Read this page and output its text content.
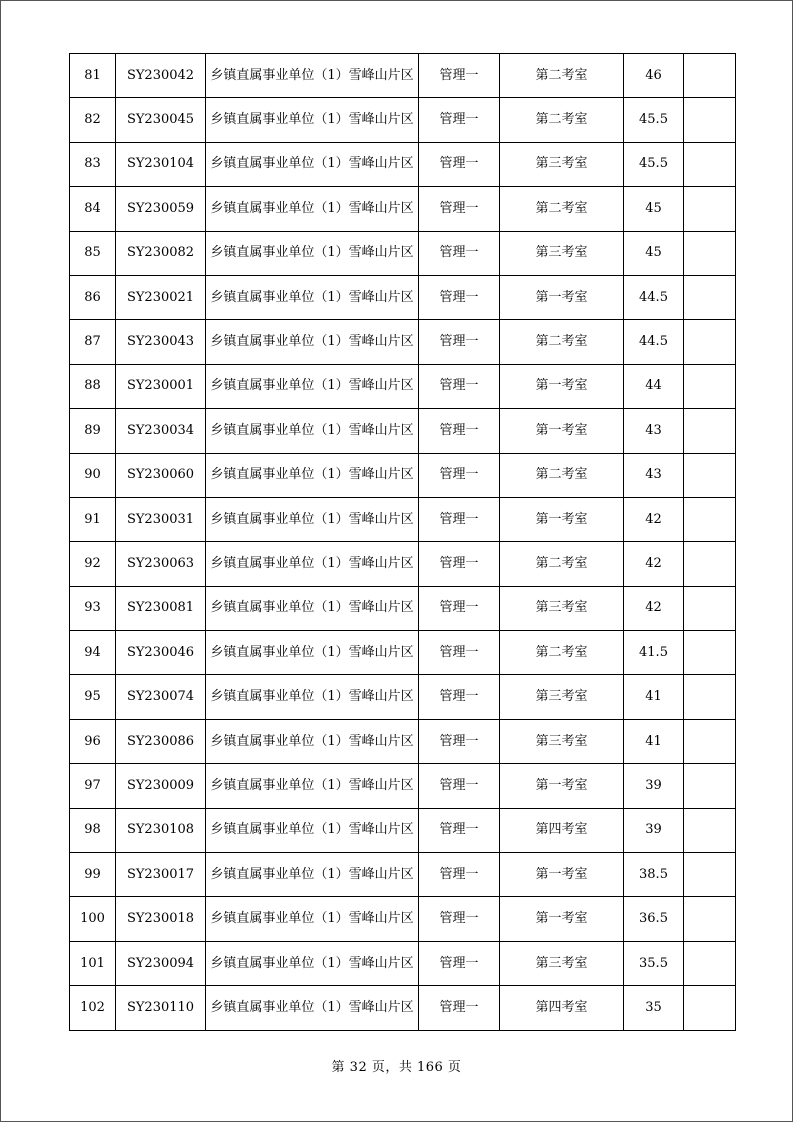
81	SY230042	乡镇直属事业单位（1）雪峰山片区	管理一	第二考室	46	
82	SY230045	乡镇直属事业单位（1）雪峰山片区	管理一	第二考室	45.5	
83	SY230104	乡镇直属事业单位（1）雪峰山片区	管理一	第三考室	45.5	
84	SY230059	乡镇直属事业单位（1）雪峰山片区	管理一	第二考室	45	
85	SY230082	乡镇直属事业单位（1）雪峰山片区	管理一	第三考室	45	
86	SY230021	乡镇直属事业单位（1）雪峰山片区	管理一	第一考室	44.5	
87	SY230043	乡镇直属事业单位（1）雪峰山片区	管理一	第二考室	44.5	
88	SY230001	乡镇直属事业单位（1）雪峰山片区	管理一	第一考室	44	
89	SY230034	乡镇直属事业单位（1）雪峰山片区	管理一	第一考室	43	
90	SY230060	乡镇直属事业单位（1）雪峰山片区	管理一	第二考室	43	
91	SY230031	乡镇直属事业单位（1）雪峰山片区	管理一	第一考室	42	
92	SY230063	乡镇直属事业单位（1）雪峰山片区	管理一	第二考室	42	
93	SY230081	乡镇直属事业单位（1）雪峰山片区	管理一	第三考室	42	
94	SY230046	乡镇直属事业单位（1）雪峰山片区	管理一	第二考室	41.5	
95	SY230074	乡镇直属事业单位（1）雪峰山片区	管理一	第三考室	41	
96	SY230086	乡镇直属事业单位（1）雪峰山片区	管理一	第三考室	41	
97	SY230009	乡镇直属事业单位（1）雪峰山片区	管理一	第一考室	39	
98	SY230108	乡镇直属事业单位（1）雪峰山片区	管理一	第四考室	39	
99	SY230017	乡镇直属事业单位（1）雪峰山片区	管理一	第一考室	38.5	
100	SY230018	乡镇直属事业单位（1）雪峰山片区	管理一	第一考室	36.5	
101	SY230094	乡镇直属事业单位（1）雪峰山片区	管理一	第三考室	35.5	
102	SY230110	乡镇直属事业单位（1）雪峰山片区	管理一	第四考室	35	
第 32 页，共 166 页
